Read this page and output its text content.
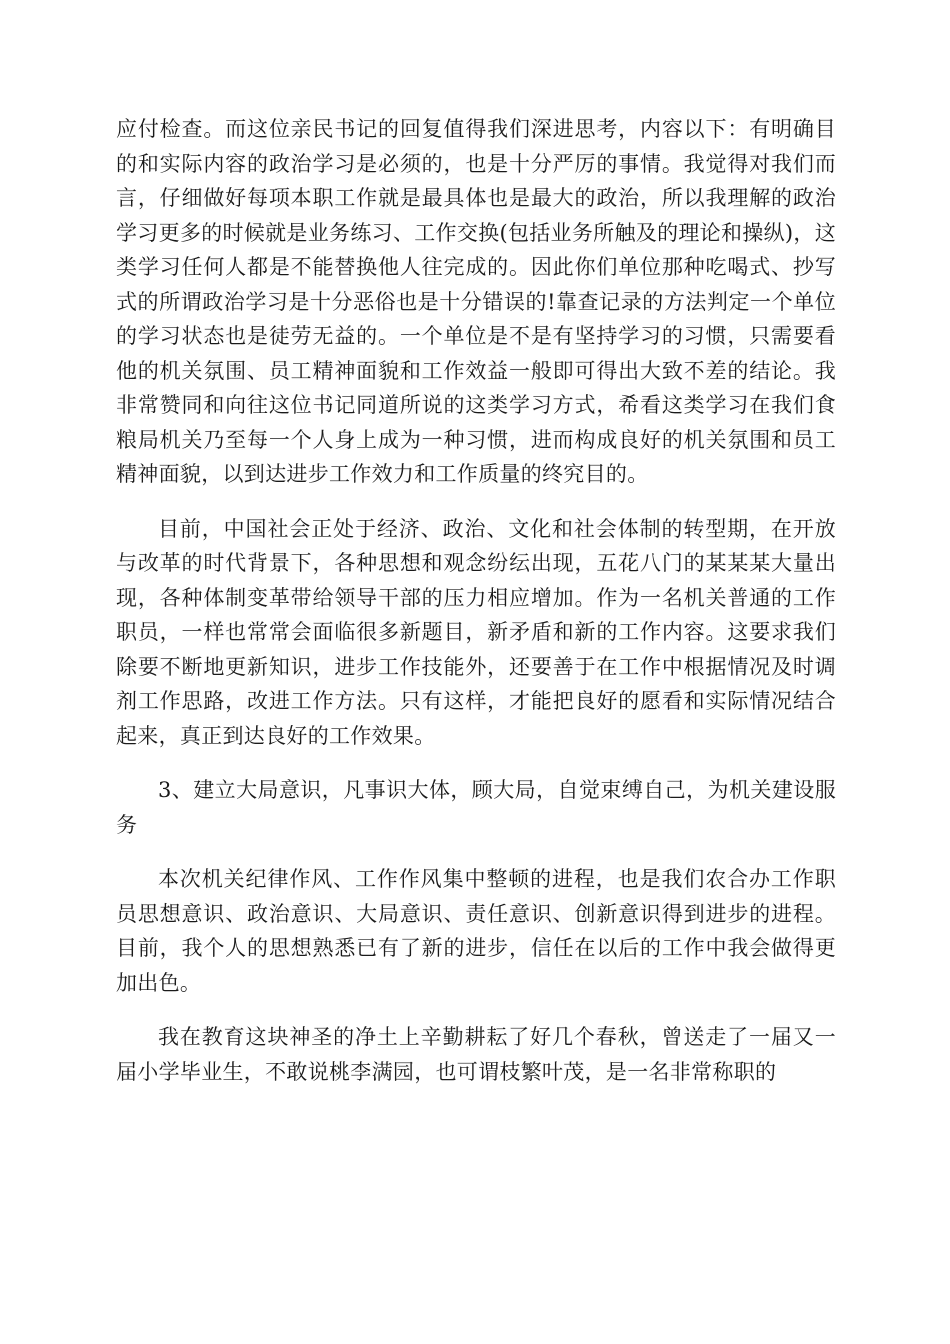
应付检查。而这位亲民书记的回复值得我们深进思考，内容以下：有明确目的和实际内容的政治学习是必须的，也是十分严厉的事情。我觉得对我们而言，仔细做好每项本职工作就是最具体也是最大的政治，所以我理解的政治学习更多的时候就是业务练习、工作交换(包括业务所触及的理论和操纵)，这类学习任何人都是不能替换他人往完成的。因此你们单位那种吃喝式、抄写式的所谓政治学习是十分恶俗也是十分错误的!靠查记录的方法判定一个单位的学习状态也是徒劳无益的。一个单位是不是有坚持学习的习惯，只需要看他的机关氛围、员工精神面貌和工作效益一般即可得出大致不差的结论。我非常赞同和向往这位书记同道所说的这类学习方式，希看这类学习在我们食粮局机关乃至每一个人身上成为一种习惯，进而构成良好的机关氛围和员工精神面貌，以到达进步工作效力和工作质量的终究目的。

目前，中国社会正处于经济、政治、文化和社会体制的转型期，在开放与改革的时代背景下，各种思想和观念纷纭出现，五花八门的某某某大量出现，各种体制变革带给领导干部的压力相应增加。作为一名机关普通的工作职员，一样也常常会面临很多新题目，新矛盾和新的工作内容。这要求我们除要不断地更新知识，进步工作技能外，还要善于在工作中根据情况及时调剂工作思路，改进工作方法。只有这样，才能把良好的愿看和实际情况结合起来，真正到达良好的工作效果。

3、建立大局意识，凡事识大体，顾大局，自觉束缚自己，为机关建设服务

本次机关纪律作风、工作作风集中整顿的进程，也是我们农合办工作职员思想意识、政治意识、大局意识、责任意识、创新意识得到进步的进程。目前，我个人的思想熟悉已有了新的进步，信任在以后的工作中我会做得更加出色。

我在教育这块神圣的净土上辛勤耕耘了好几个春秋，曾送走了一届又一届小学毕业生，不敢说桃李满园，也可谓枝繁叶茂，是一名非常称职的
